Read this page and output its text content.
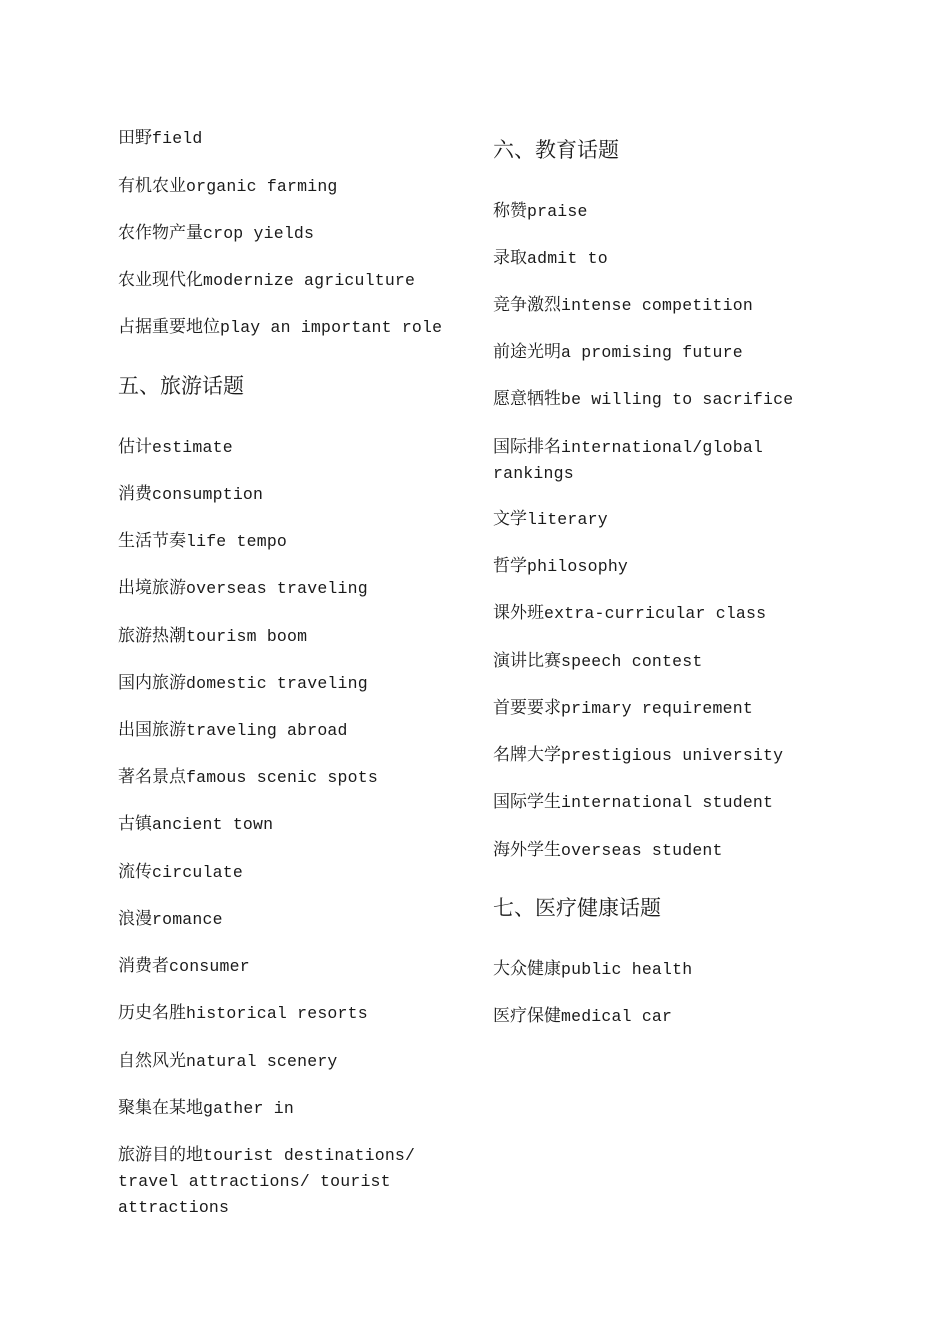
田野field
有机农业organic farming
农作物产量crop yields
农业现代化modernize agriculture
占据重要地位play an important role
五、旅游话题
估计estimate
消费consumption
生活节奏life tempo
出境旅游overseas traveling
旅游热潮tourism boom
国内旅游domestic traveling
出国旅游traveling abroad
著名景点famous scenic spots
古镇ancient town
流传circulate
浪漫romance
消费者consumer
历史名胜historical resorts
自然风光natural scenery
聚集在某地gather in
旅游目的地tourist destinations/ travel attractions/ tourist attractions
六、教育话题
称赞praise
录取admit to
竞争激烈intense competition
前途光明a promising future
愿意牺牲be willing to sacrifice
国际排名international/global rankings
文学literary
哲学philosophy
课外班extra-curricular class
演讲比赛speech contest
首要要求primary requirement
名牌大学prestigious university
国际学生international student
海外学生overseas student
七、医疗健康话题
大众健康public health
医疗保健medical car
